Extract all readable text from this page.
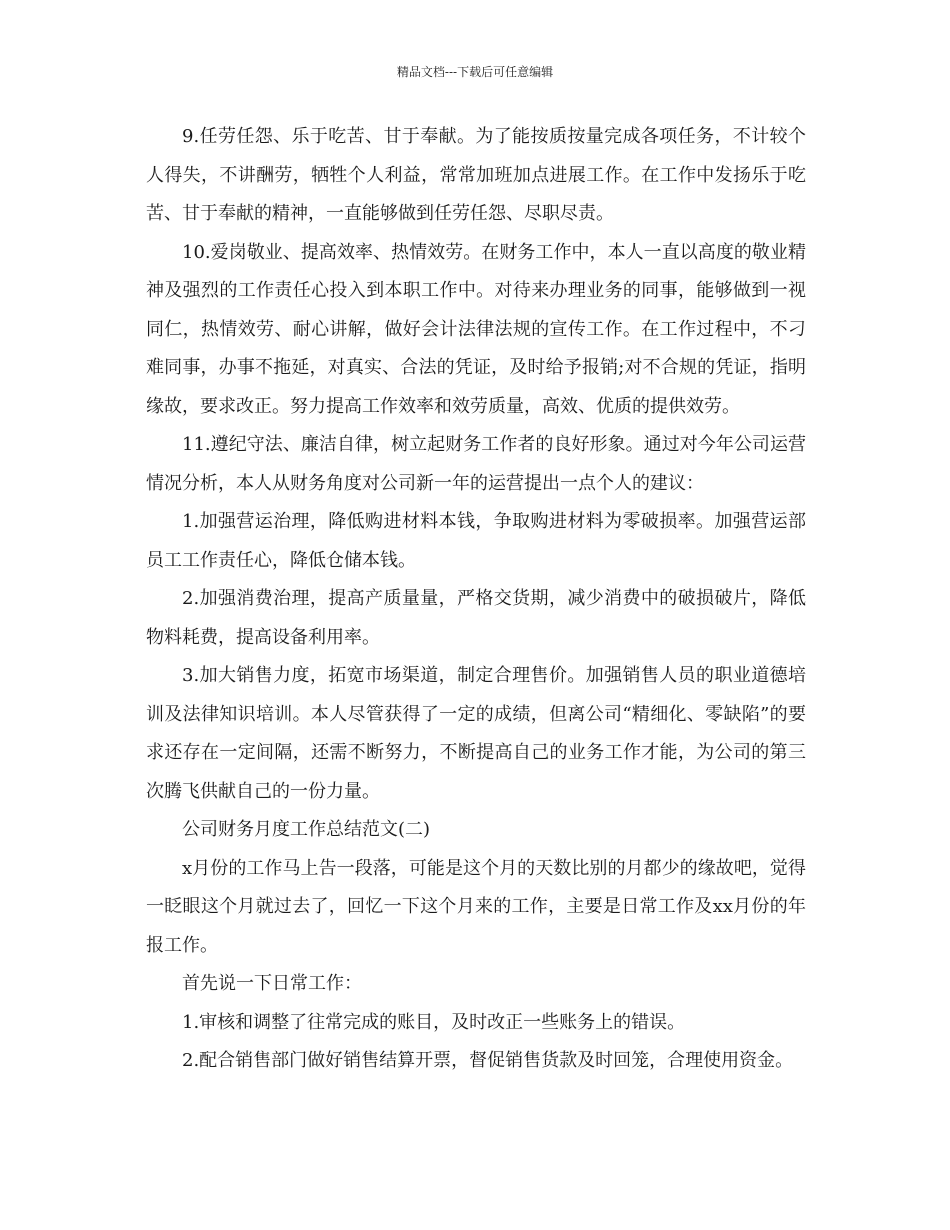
精品文档---下载后可任意编辑

9.任劳任怨、乐于吃苦、甘于奉献。为了能按质按量完成各项任务，不计较个人得失，不讲酬劳，牺牲个人利益，常常加班加点进展工作。在工作中发扬乐于吃苦、甘于奉献的精神，一直能够做到任劳任怨、尽职尽责。

10.爱岗敬业、提高效率、热情效劳。在财务工作中，本人一直以高度的敬业精神及强烈的工作责任心投入到本职工作中。对待来办理业务的同事，能够做到一视同仁，热情效劳、耐心讲解，做好会计法律法规的宣传工作。在工作过程中，不刁难同事，办事不拖延，对真实、合法的凭证，及时给予报销;对不合规的凭证，指明缘故，要求改正。努力提高工作效率和效劳质量，高效、优质的提供效劳。

11.遵纪守法、廉洁自律，树立起财务工作者的良好形象。通过对今年公司运营情况分析，本人从财务角度对公司新一年的运营提出一点个人的建议：

1.加强营运治理，降低购进材料本钱，争取购进材料为零破损率。加强营运部员工工作责任心，降低仓储本钱。

2.加强消费治理，提高产质量量，严格交货期，减少消费中的破损破片，降低物料耗费，提高设备利用率。

3.加大销售力度，拓宽市场渠道，制定合理售价。加强销售人员的职业道德培训及法律知识培训。本人尽管获得了一定的成绩，但离公司“精细化、零缺陷”的要求还存在一定间隔，还需不断努力，不断提高自己的业务工作才能，为公司的第三次腾飞供献自己的一份力量。

公司财务月度工作总结范文(二)

x月份的工作马上告一段落，可能是这个月的天数比别的月都少的缘故吧，觉得一眨眼这个月就过去了，回忆一下这个月来的工作，主要是日常工作及xx月份的年报工作。

首先说一下日常工作：

1.审核和调整了往常完成的账目，及时改正一些账务上的错误。

2.配合销售部门做好销售结算开票，督促销售货款及时回笼，合理使用资金。
